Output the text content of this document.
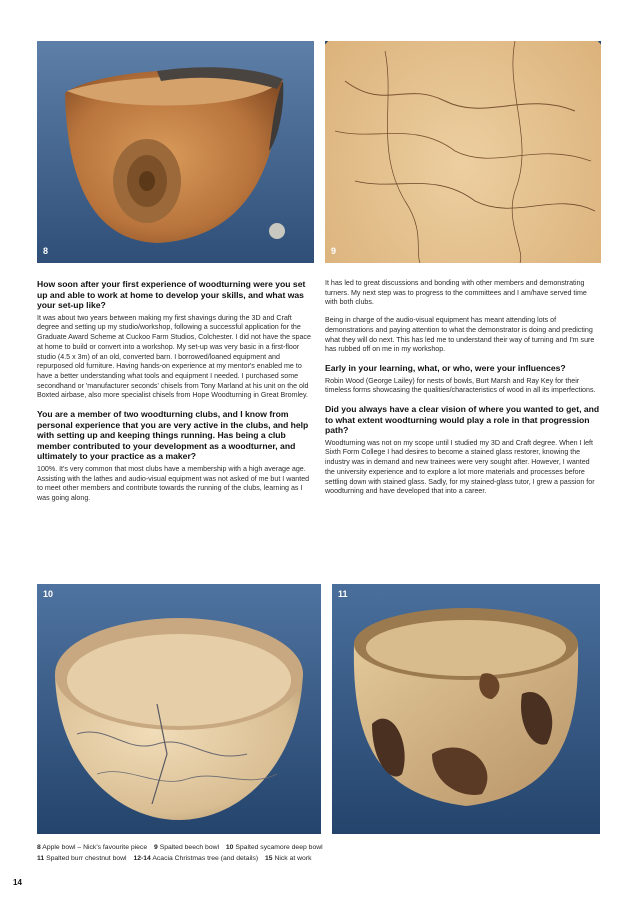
8	9
How soon after your first experience of woodturning were you set up and able to work at home to develop your skills, and what was your set-up like?
It was about two years between making my first shavings during the 3D and Craft degree and setting up my studio/workshop, following a successful application for the Graduate Award Scheme at Cuckoo Farm Studios, Colchester. I did not have the space at home to build or convert into a workshop. My set-up was very basic in a first-floor studio (4.5 x 3m) of an old, converted barn. I borrowed/loaned equipment and repurposed old furniture. Having hands-on experience at my mentor's enabled me to have a better understanding what tools and equipment I needed. I purchased some secondhand or 'manufacturer seconds' chisels from Tony Marland at his unit on the old Boxted airbase, also more specialist chisels from Hope Woodturning in Great Bromley.
You are a member of two woodturning clubs, and I know from personal experience that you are very active in the clubs, and help with setting up and keeping things running. Has being a club member contributed to your development as a woodturner, and ultimately to your practice as a maker?
100%. It's very common that most clubs have a membership with a high average age. Assisting with the lathes and audio-visual equipment was not asked of me but I wanted to meet other members and contribute towards the running of the clubs, learning as I was going along.
It has led to great discussions and bonding with other members and demonstrating turners. My next step was to progress to the committees and I am/have served time with both clubs.
Being in charge of the audio-visual equipment has meant attending lots of demonstrations and paying attention to what the demonstrator is doing and predicting what they will do next. This has led me to understand their way of turning and I'm sure has rubbed off on me in my workshop.
Early in your learning, what, or who, were your influences?
Robin Wood (George Lailey) for nests of bowls, Burt Marsh and Ray Key for their timeless forms showcasing the qualities/characteristics of wood in all its imperfections.
Did you always have a clear vision of where you wanted to get, and to what extent woodturning would play a role in that progression path?
Woodturning was not on my scope until I studied my 3D and Craft degree. When I left Sixth Form College I had desires to become a stained glass restorer, knowing the industry was in demand and new trainees were very sought after. However, I wanted the university experience and to explore a lot more materials and processes before settling down with stained glass. Sadly, for my stained-glass tutor, I grew a passion for woodturning and have developed that into a career.
10	11
8 Apple bowl – Nick's favourite piece 9 Spalted beech bowl 10 Spalted sycamore deep bowl
11 Spalted burr chestnut bowl 12-14 Acacia Christmas tree (and details) 15 Nick at work
14
